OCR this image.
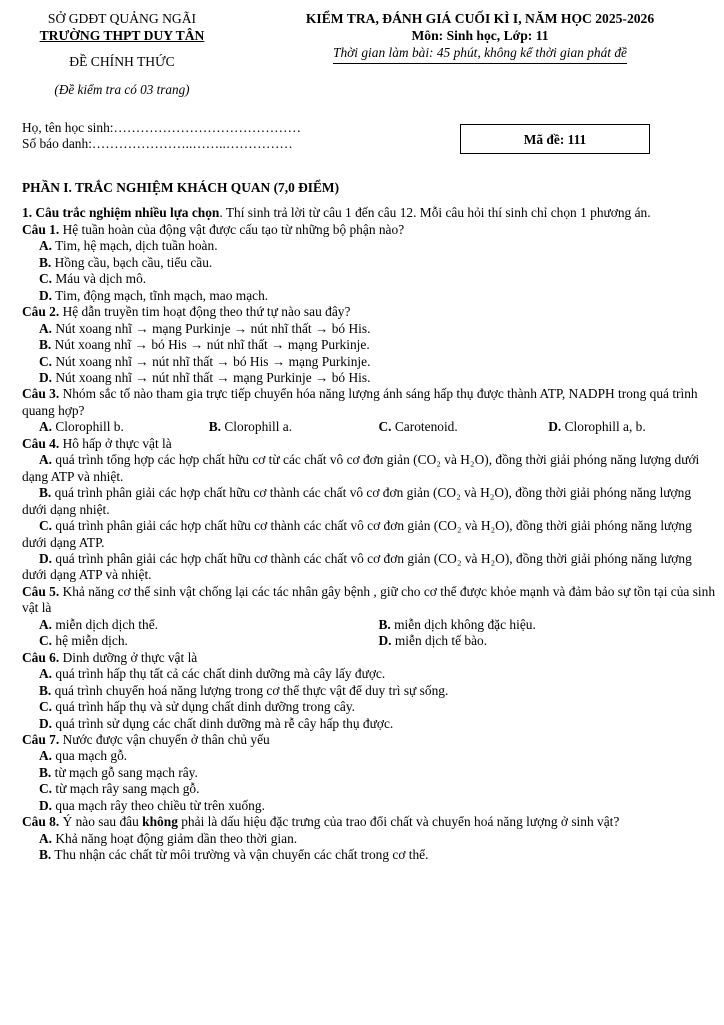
SỞ GDĐT QUẢNG NGÃI
TRƯỜNG THPT DUY TÂN
ĐỀ CHÍNH THỨC
(Đề kiểm tra có 03 trang)
KIỂM TRA, ĐÁNH GIÁ CUỐI KÌ I, NĂM HỌC 2025-2026
Môn: Sinh học, Lớp: 11
Thời gian làm bài: 45 phút, không kể thời gian phát đề
Họ, tên học sinh:……………………………………
Số báo danh:…………………..……..……………	Mã đề: 111
PHẦN I. TRẮC NGHIỆM KHÁCH QUAN (7,0 ĐIỂM)
1. Câu trắc nghiệm nhiều lựa chọn. Thí sinh trả lời từ câu 1 đến câu 12. Mỗi câu hỏi thí sinh chỉ chọn 1 phương án.
Câu 1. Hệ tuần hoàn của động vật được cấu tạo từ những bộ phận nào?
A. Tim, hệ mạch, dịch tuần hoàn.
B. Hồng cầu, bạch cầu, tiểu cầu.
C. Máu và dịch mô.
D. Tim, động mạch, tĩnh mạch, mao mạch.
Câu 2. Hệ dẫn truyền tim hoạt động theo thứ tự nào sau đây?
A. Nút xoang nhĩ → mạng Purkinje → nút nhĩ thất → bó His.
B. Nút xoang nhĩ → bó His → nút nhĩ thất → mạng Purkinje.
C. Nút xoang nhĩ → nút nhĩ thất → bó His → mạng Purkinje.
D. Nút xoang nhĩ → nút nhĩ thất → mạng Purkinje → bó His.
Câu 3. Nhóm sắc tố nào tham gia trực tiếp chuyển hóa năng lượng ánh sáng hấp thụ được thành ATP, NADPH trong quá trình quang hợp?
A. Clorophill b.	B. Clorophill a.	C. Carotenoid.	D. Clorophill a, b.
Câu 4. Hô hấp ở thực vật là
A. quá trình tổng hợp các hợp chất hữu cơ từ các chất vô cơ đơn giản (CO₂ và H₂O), đồng thời giải phóng năng lượng dưới dạng ATP và nhiệt.
B. quá trình phân giải các hợp chất hữu cơ thành các chất vô cơ đơn giản (CO₂ và H₂O), đồng thời giải phóng năng lượng dưới dạng nhiệt.
C. quá trình phân giải các hợp chất hữu cơ thành các chất vô cơ đơn giản (CO₂ và H₂O), đồng thời giải phóng năng lượng dưới dạng ATP.
D. quá trình phân giải các hợp chất hữu cơ thành các chất vô cơ đơn giản (CO₂ và H₂O), đồng thời giải phóng năng lượng dưới dạng ATP và nhiệt.
Câu 5. Khả năng cơ thể sinh vật chống lại các tác nhân gây bệnh , giữ cho cơ thể được khỏe mạnh và đảm bảo sự tồn tại của sinh vật là
A. miễn dịch dịch thể.	B. miễn dịch không đặc hiệu.
C. hệ miễn dịch.	D. miễn dịch tế bào.
Câu 6. Dinh dưỡng ở thực vật là
A. quá trình hấp thụ tất cả các chất dinh dưỡng mà cây lấy được.
B. quá trình chuyển hoá năng lượng trong cơ thể thực vật để duy trì sự sống.
C. quá trình hấp thụ và sử dụng chất dinh dưỡng trong cây.
D. quá trình sử dụng các chất dinh dưỡng mà rễ cây hấp thụ được.
Câu 7. Nước được vận chuyển ở thân chủ yếu
A. qua mạch gỗ.
B. từ mạch gỗ sang mạch rây.
C. từ mạch rây sang mạch gỗ.
D. qua mạch rây theo chiều từ trên xuống.
Câu 8. Ý nào sau đâu không phải là dấu hiệu đặc trưng của trao đổi chất và chuyển hoá năng lượng ở sinh vật?
A. Khả năng hoạt động giảm dần theo thời gian.
B. Thu nhận các chất từ môi trường và vận chuyển các chất trong cơ thể.
